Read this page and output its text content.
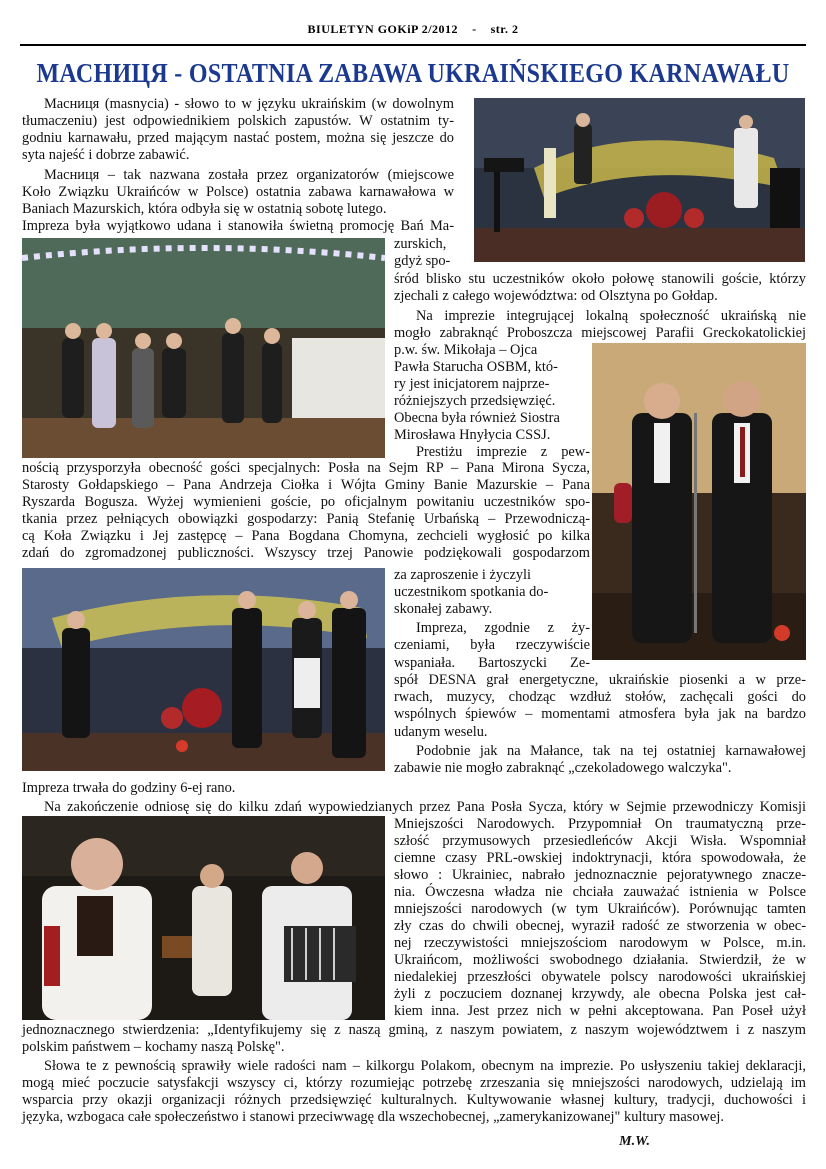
BIULETYN GOKiP 2/2012 - str. 2
МАСНИЦЯ - OSTATNIA ZABAWA UKRAIŃSKIEGO KARNAWAŁU

Масниця (masnycia) - słowo to w języku ukraińskim (w dowolnym

tłumaczeniu) jest odpowiednikiem polskich zapustów. W ostatnim ty-

godniu karnawału, przed mającym nastać postem, można się jeszcze do

syta najeść i dobrze zabawić.

Масниця – tak nazwana została przez organizatorów (miejscowe

Koło Związku Ukraińców w Polsce) ostatnia zabawa karnawałowa w

Baniach Mazurskich, która odbyła się w ostatnią sobotę lutego.

Impreza była wyjątkowo udana i stanowiła świetną promocję Bań Ma-

zurskich,

gdyż spo-

śród blisko stu uczestników około połowę stanowili goście, którzy

zjechali z całego województwa: od Olsztyna po Gołdap.

Na imprezie integrującej lokalną społeczność ukraińską nie

mogło zabraknąć Proboszcza miejscowej Parafii Greckokatolickiej

p.w. św. Mikołaja – Ojca

Pawła Starucha OSBM, któ-

ry jest inicjatorem najprze-

różniejszych przedsięwzięć.

Obecna była również Siostra

Mirosława Hnyłycia CSSJ.

Prestiżu imprezie z pew-

nością przysporzyła obecność gości specjalnych: Posła na Sejm RP – Pana Mirona Sycza,

Starosty Gołdapskiego – Pana Andrzeja Ciołka i Wójta Gminy Banie Mazurskie – Pana

Ryszarda Bogusza. Wyżej wymienieni goście, po oficjalnym powitaniu uczestników spo-

tkania przez pełniących obowiązki gospodarzy: Panią Stefanię Urbańską – Przewodniczą-

cą Koła Związku i Jej zastępcę – Pana Bogdana Chomyna, zechcieli wygłosić po kilka

zdań do zgromadzonej publiczności. Wszyscy trzej Panowie podziękowali gospodarzom

za zaproszenie i życzyli

uczestnikom spotkania do-

skonałej zabawy.

Impreza, zgodnie z ży-

czeniami, była rzeczywiście

wspaniała. Bartoszycki Ze-

spół DESNA grał energetyczne, ukraińskie piosenki a w prze-

rwach, muzycy, chodząc wzdłuż stołów, zachęcali gości do

wspólnych śpiewów – momentami atmosfera była jak na bardzo

udanym weselu.

Podobnie jak na Małance, tak na tej ostatniej karnawałowej

zabawie nie mogło zabraknąć „czekoladowego walczyka".

Impreza trwała do godziny 6-ej rano.

Na zakończenie odniosę się do kilku zdań wypowiedzianych przez Pana Posła Sycza, który w Sejmie przewodniczy Komisji

Mniejszości Narodowych. Przypomniał On traumatyczną prze-

szłość przymusowych przesiedleńców Akcji Wisła. Wspomniał

ciemne czasy PRL-owskiej indoktrynacji, która spowodowała, że

słowo : Ukrainiec, nabrało jednoznacznie pejoratywnego znacze-

nia. Ówczesna władza nie chciała zauważać istnienia w Polsce

mniejszości narodowych (w tym Ukraińców). Porównując tamten

zły czas do chwili obecnej, wyraził radość ze stworzenia w obec-

nej rzeczywistości mniejszościom narodowym w Polsce, m.in.

Ukraińcom, możliwości swobodnego działania. Stwierdził, że w

niedalekiej przeszłości obywatele polscy narodowości ukraińskiej

żyli z poczuciem doznanej krzywdy, ale obecna Polska jest cał-

kiem inna. Jest przez nich w pełni akceptowana. Pan Poseł użył

jednoznacznego stwierdzenia: „Identyfikujemy się z naszą gminą, z naszym powiatem, z naszym województwem i z naszym

polskim państwem – kochamy naszą Polskę".

Słowa te z pewnością sprawiły wiele radości nam – kilkorgu Polakom, obecnym na imprezie. Po usłyszeniu takiej deklaracji,

mogą mieć poczucie satysfakcji wszyscy ci, którzy rozumiejąc potrzebę zrzeszania się mniejszości narodowych, udzielają im

wsparcia przy okazji organizacji różnych przedsięwzięć kulturalnych. Kultywowanie własnej kultury, tradycji, duchowości i

języka, wzbogaca całe społeczeństwo i stanowi przeciwwagę dla wszechobecnej, „zamerykanizowanej" kultury masowej.

M.W.
